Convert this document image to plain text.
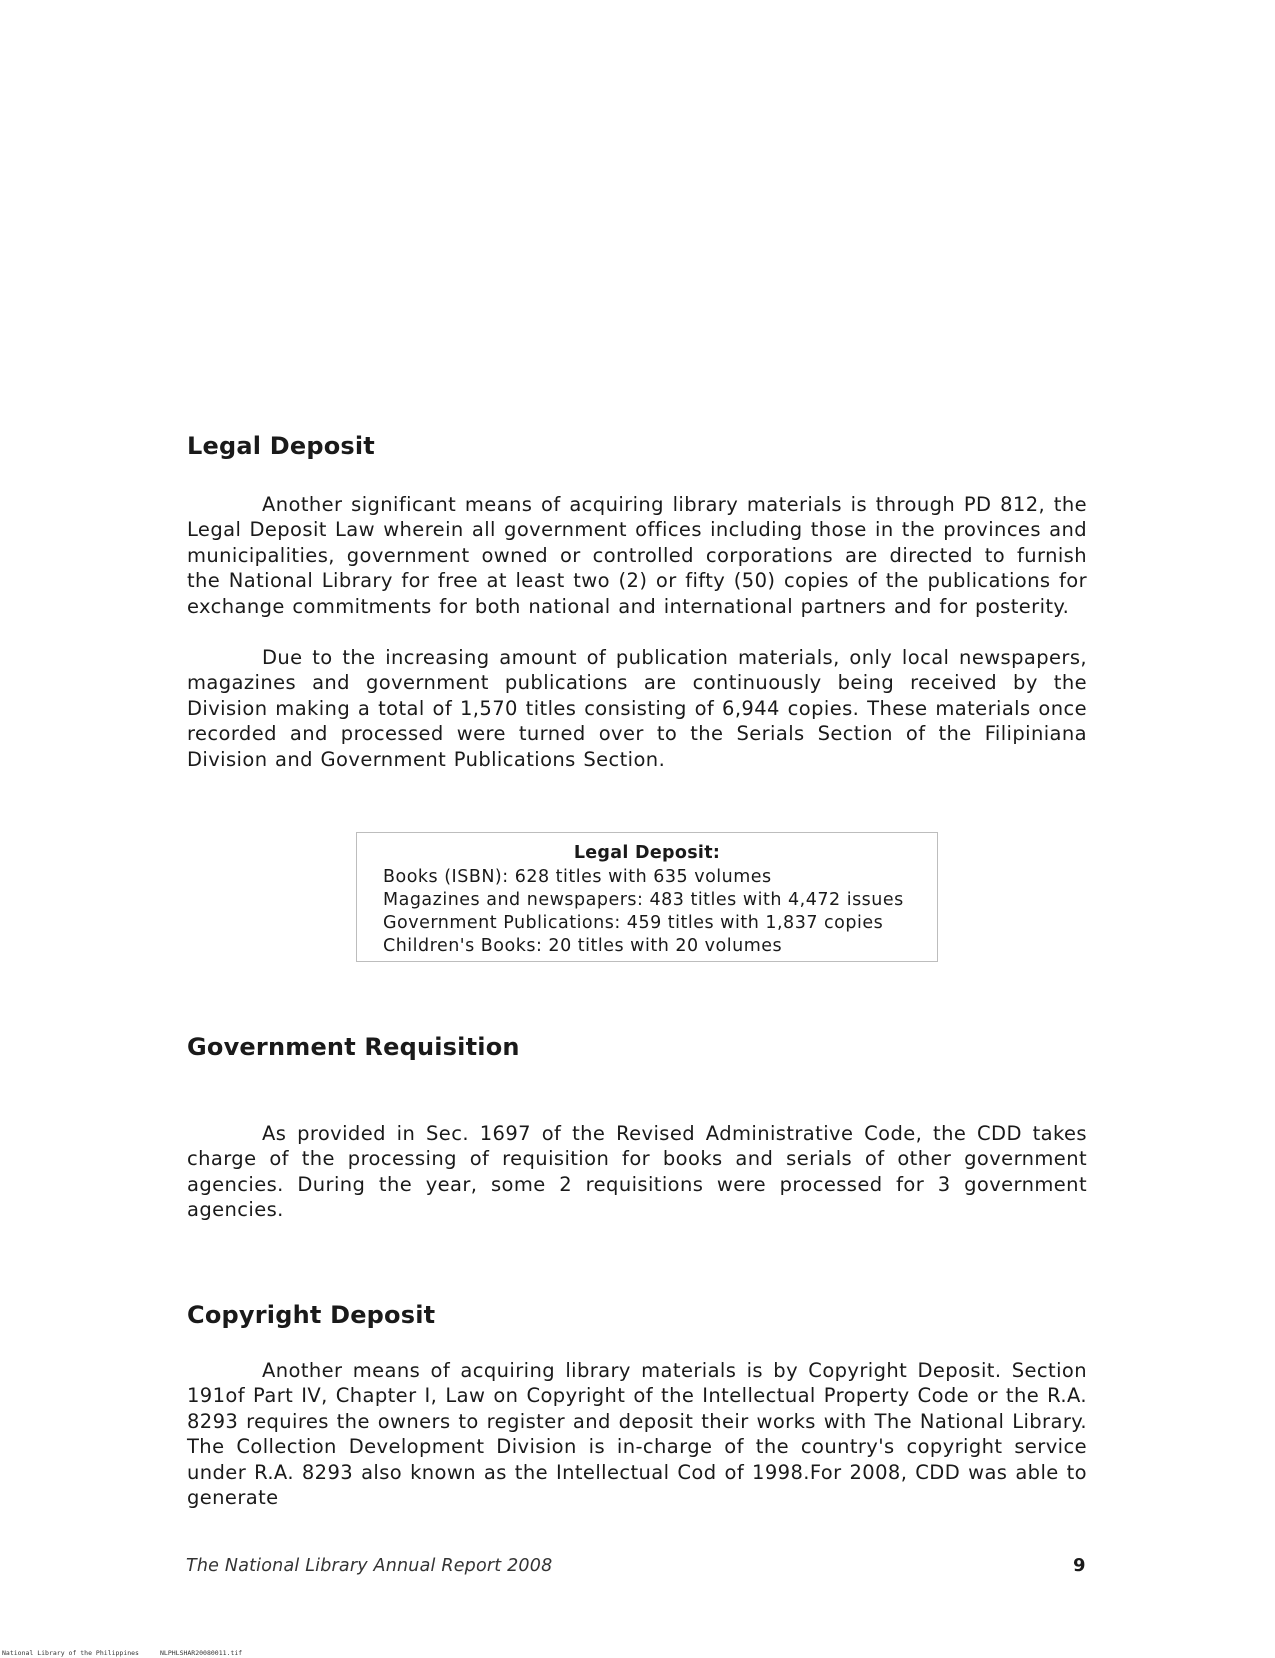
Legal Deposit

Another significant means of acquiring library materials is through PD 812, the Legal Deposit Law wherein all government offices including those in the provinces and municipalities, government owned or controlled corporations are directed to furnish the National Library for free at least two (2) or fifty (50) copies of the publications for exchange commitments for both national and international partners and for posterity.

Due to the increasing amount of publication materials, only local newspapers, magazines and government publications are continuously being received by the Division making a total of 1,570 titles consisting of 6,944 copies. These materials once recorded and processed were turned over to the Serials Section of the Filipiniana Division and Government Publications Section.

Legal Deposit:
Books (ISBN): 628 titles with 635 volumes
Magazines and newspapers: 483 titles with 4,472 issues
Government Publications: 459 titles with 1,837 copies
Children's Books: 20 titles with 20 volumes
Government Requisition

As provided in Sec. 1697 of the Revised Administrative Code, the CDD takes charge of the processing of requisition for books and serials of other government agencies. During the year, some 2 requisitions were processed for 3 government agencies.

Copyright Deposit

Another means of acquiring library materials is by Copyright Deposit. Section 191of Part IV, Chapter I, Law on Copyright of the Intellectual Property Code or the R.A. 8293 requires the owners to register and deposit their works with The National Library. The Collection Development Division is in-charge of the country's copyright service under R.A. 8293 also known as the Intellectual Cod of 1998.For 2008, CDD was able to generate

The National Library Annual Report 2008	9
National Library of the Philippines	NLPHLSHAR20080011.tif
